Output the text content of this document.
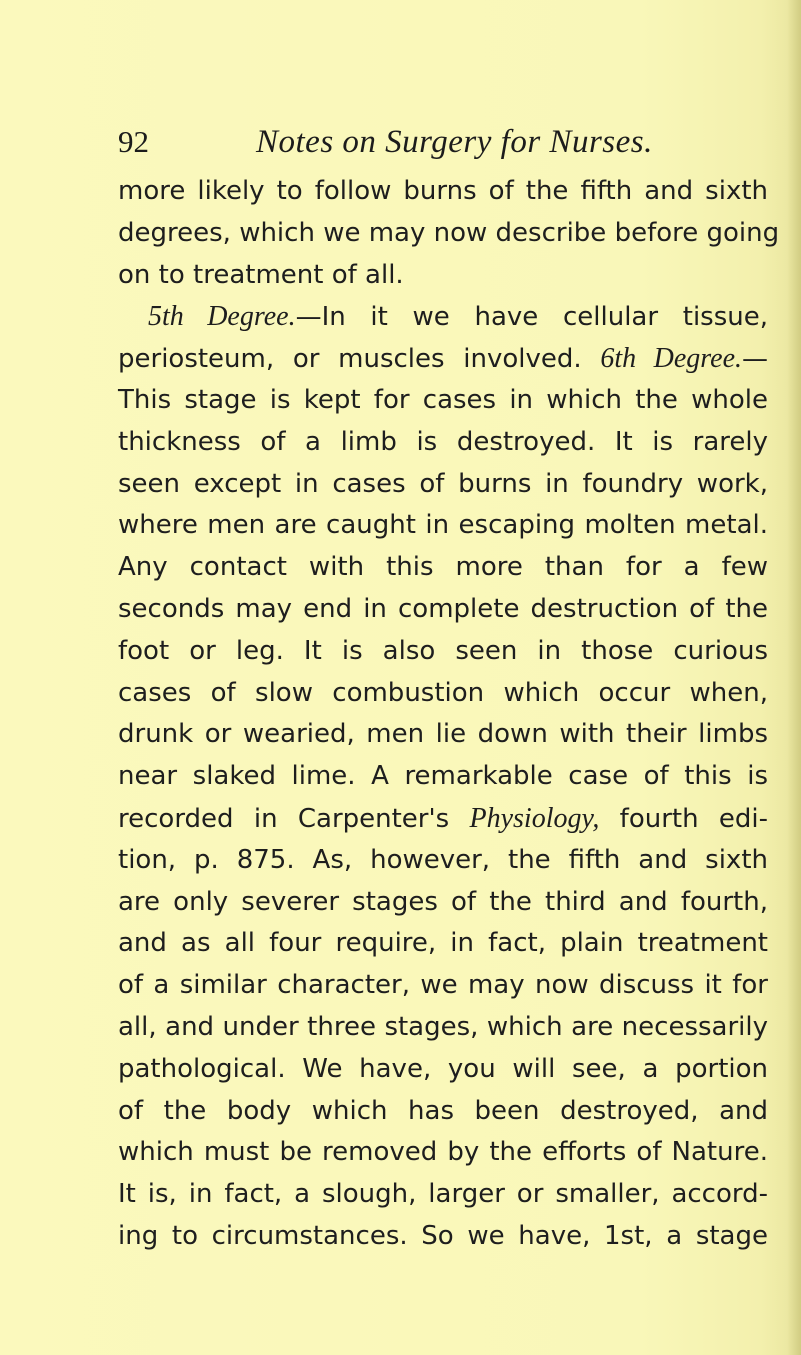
92	Notes on Surgery for Nurses.
more likely to follow burns of the fifth and sixth
degrees, which we may now describe before going
on to treatment of all.
5th Degree.—In it we have cellular tissue,
periosteum, or muscles involved. 6th Degree.—
This stage is kept for cases in which the whole
thickness of a limb is destroyed. It is rarely
seen except in cases of burns in foundry work,
where men are caught in escaping molten metal.
Any contact with this more than for a few
seconds may end in complete destruction of the
foot or leg. It is also seen in those curious
cases of slow combustion which occur when,
drunk or wearied, men lie down with their limbs
near slaked lime. A remarkable case of this is
recorded in Carpenter's Physiology, fourth edi-
tion, p. 875. As, however, the fifth and sixth
are only severer stages of the third and fourth,
and as all four require, in fact, plain treatment
of a similar character, we may now discuss it for
all, and under three stages, which are necessarily
pathological. We have, you will see, a portion
of the body which has been destroyed, and
which must be removed by the efforts of Nature.
It is, in fact, a slough, larger or smaller, accord-
ing to circumstances. So we have, 1st, a stage
